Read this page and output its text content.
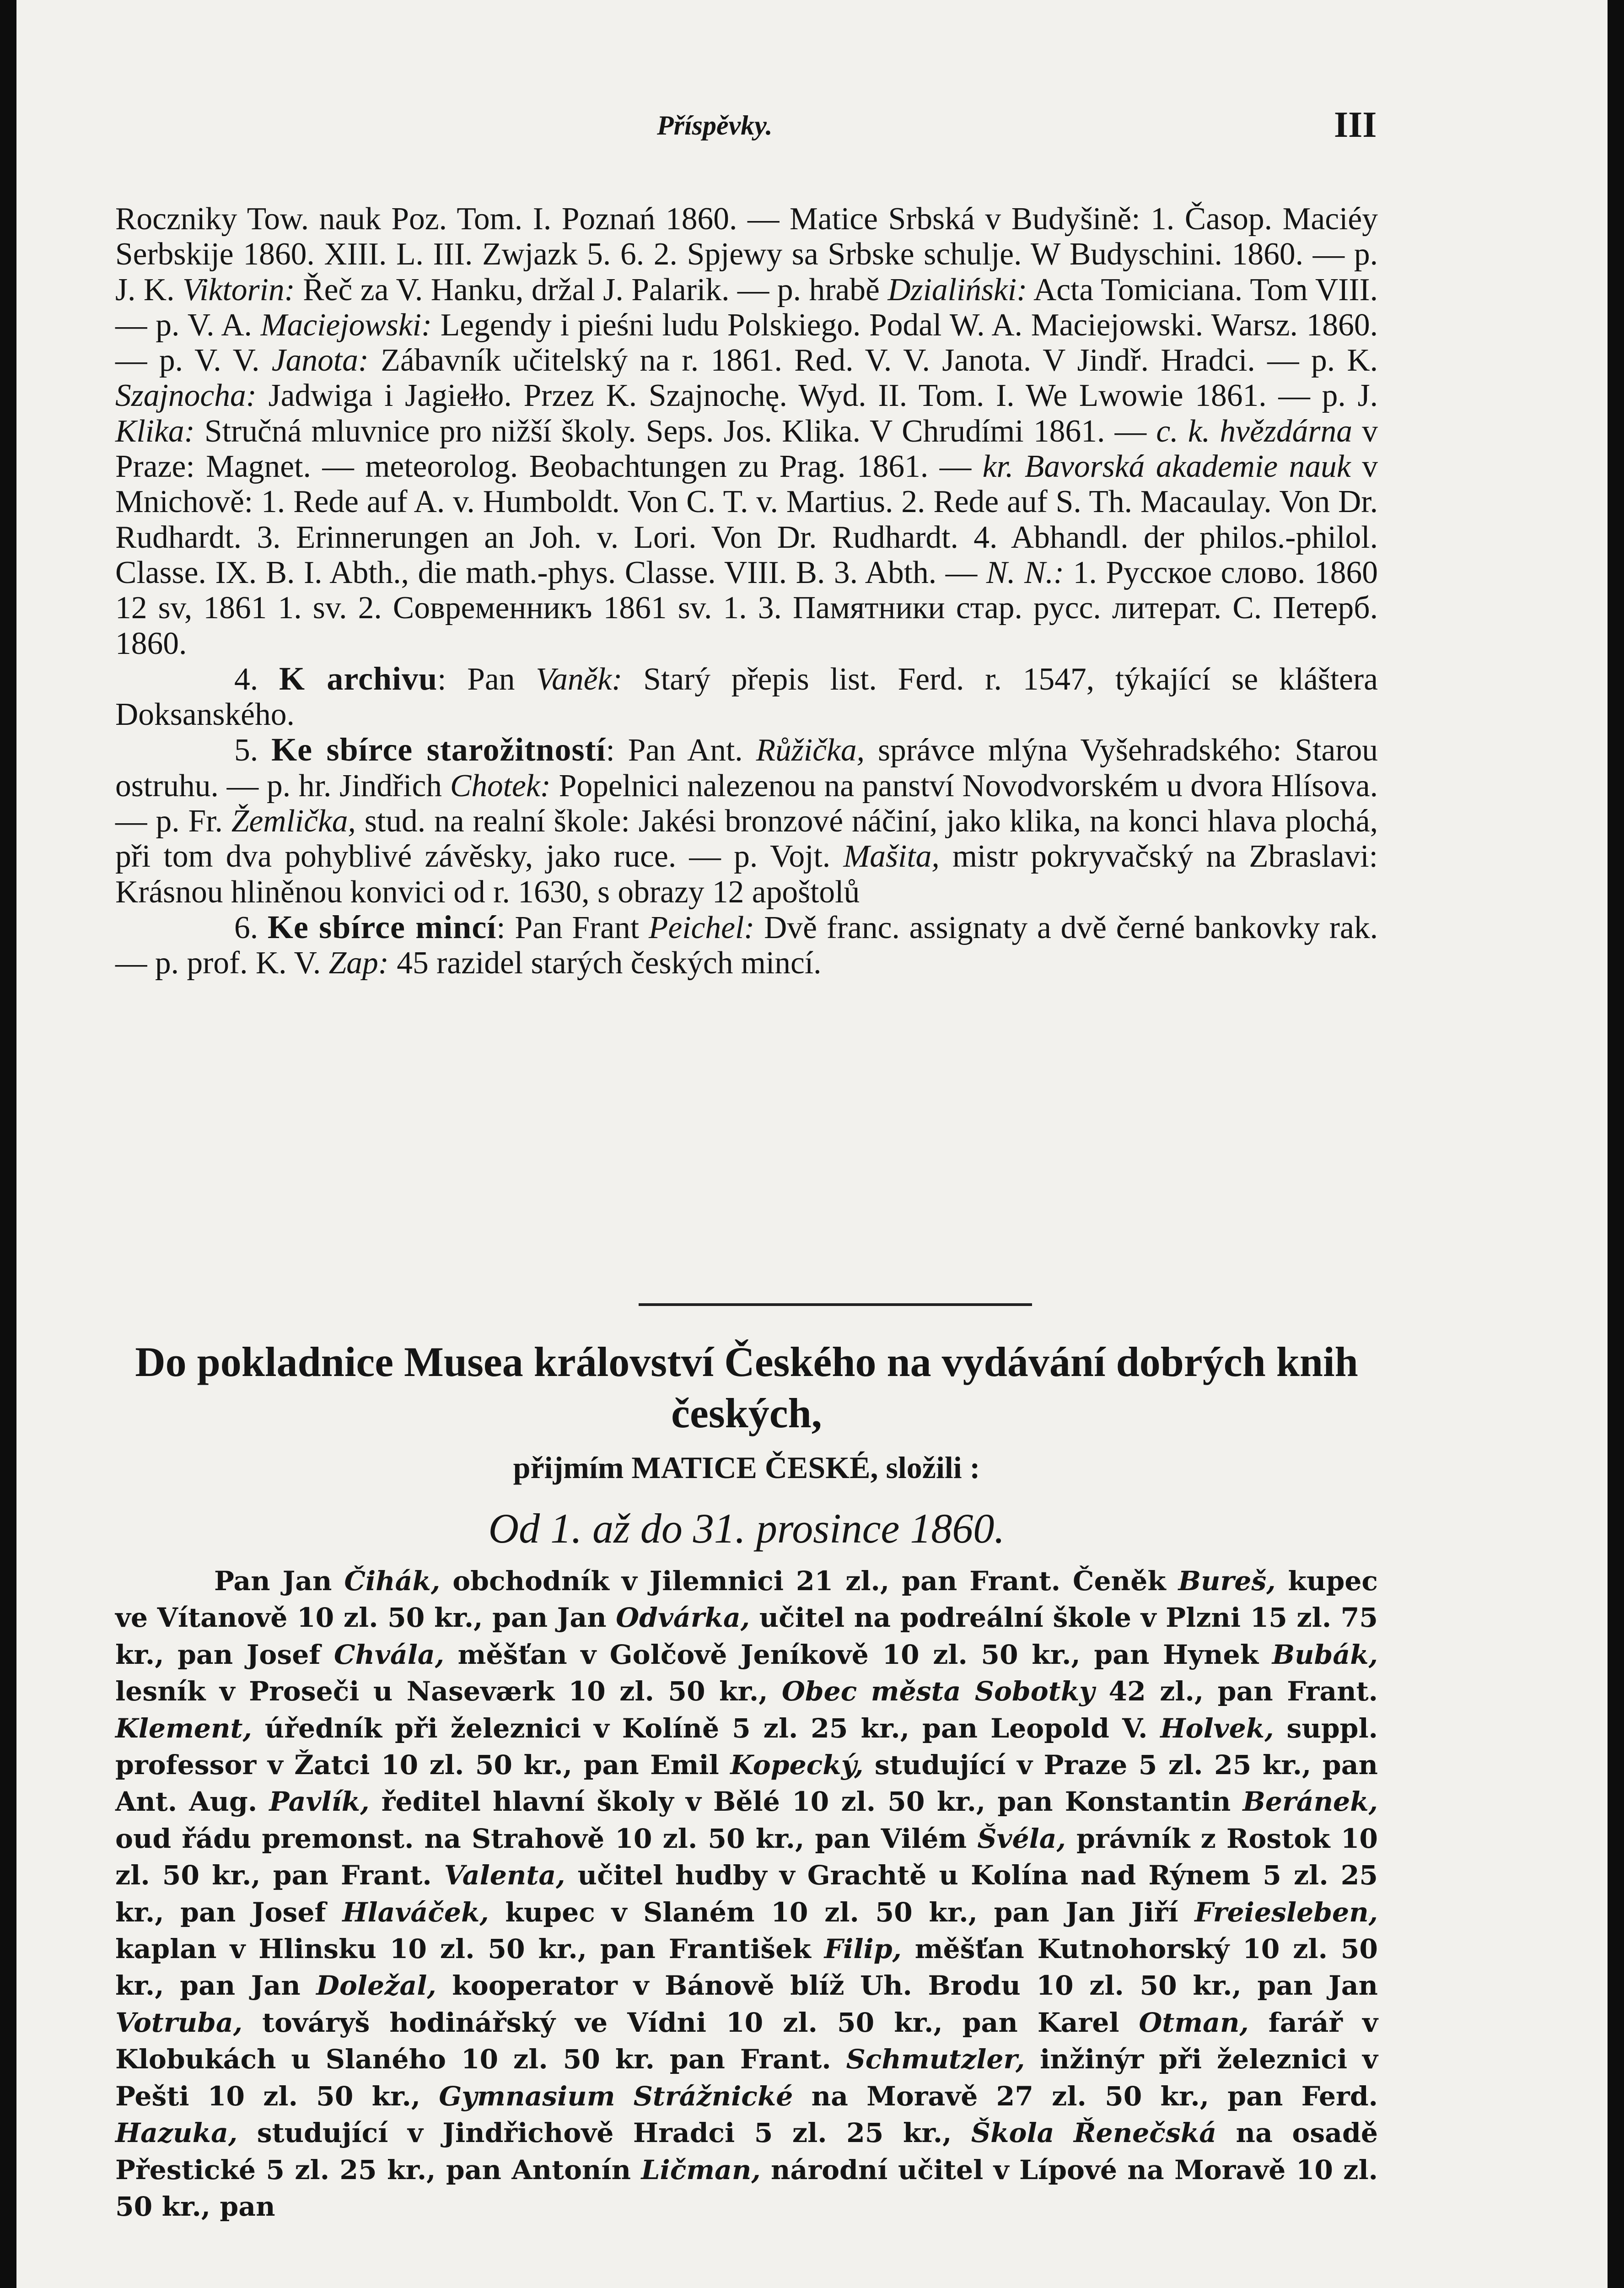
Příspěvky.	III

Roczniky Tow. nauk Poz. Tom. I. Poznań 1860. — Matice Srbská v Budyšině: 1. Časop. Maciéy Serbskije 1860. XIII. L. III. Zwjazk 5. 6. 2. Spjewy sa Srbske schulje. W Budyschini. 1860. — p. J. K. Viktorin: Řeč za V. Hanku, držal J. Palarik. — p. hrabě Dzialiński: Acta Tomiciana. Tom VIII. — p. V. A. Maciejowski: Legendy i pieśni ludu Polskiego. Podal W. A. Maciejowski. Warsz. 1860. — p. V. V. Janota: Zábavník učitelský na r. 1861. Red. V. V. Janota. V Jindř. Hradci. — p. K. Szajnocha: Jadwiga i Jagiełło. Przez K. Szajnochę. Wyd. II. Tom. I. We Lwowie 1861. — p. J. Klika: Stručná mluvnice pro nižší školy. Seps. Jos. Klika. V Chrudími 1861. — c. k. hvězdárna v Praze: Magnet. — meteorolog. Beobachtungen zu Prag. 1861. — kr. Bavorská akademie nauk v Mnichově: 1. Rede auf A. v. Humboldt. Von C. T. v. Martius. 2. Rede auf S. Th. Macaulay. Von Dr. Rudhardt. 3. Erinnerungen an Joh. v. Lori. Von Dr. Rudhardt. 4. Abhandl. der philos.-philol. Classe. IX. B. I. Abth., die math.-phys. Classe. VIII. B. 3. Abth. — N. N.: 1. Русское слово. 1860 12 sv, 1861 1. sv. 2. Современникъ 1861 sv. 1. 3. Памятники стар. русс. литерат. С. Петерб. 1860.

4. K archivu: Pan Vaněk: Starý přepis list. Ferd. r. 1547, týkající se kláštera Doksanského.

5. Ke sbírce starožitností: Pan Ant. Růžička, správce mlýna Vyšehradského: Starou ostruhu. — p. hr. Jindřich Chotek: Popelnici nalezenou na panství Novodvorském u dvora Hlísova. — p. Fr. Žemlička, stud. na realní škole: Jakési bronzové náčiní, jako klika, na konci hlava plochá, při tom dva pohyblivé závěsky, jako ruce. — p. Vojt. Mašita, mistr pokryvačský na Zbraslavi: Krásnou hliněnou konvici od r. 1630, s obrazy 12 apoštolů

6. Ke sbírce mincí: Pan Frant Peichel: Dvě franc. assignaty a dvě černé bankovky rak. — p. prof. K. V. Zap: 45 razidel starých českých mincí.

Do pokladnice Musea království Českého na vydávání dobrých knih českých,
přijmím MATICE ČESKÉ, složili :
Od 1. až do 31. prosince 1860.

Pan Jan Čihák, obchodník v Jilemnici 21 zl., pan Frant. Čeněk Bureš, kupec ve Vítanově 10 zl. 50 kr., pan Jan Odvárka, učitel na podreální škole v Plzni 15 zl. 75 kr., pan Josef Chvála, měšťan v Golčově Jeníkově 10 zl. 50 kr., pan Hynek Bubák, lesník v Proseči u Naseværk 10 zl. 50 kr., Obec města Sobotky 42 zl., pan Frant. Klement, úředník při železnici v Kolíně 5 zl. 25 kr., pan Leopold V. Holvek, suppl. professor v Žatci 10 zl. 50 kr., pan Emil Kopecký, studující v Praze 5 zl. 25 kr., pan Ant. Aug. Pavlík, ředitel hlavní školy v Bělé 10 zl. 50 kr., pan Konstantin Beránek, oud řádu premonst. na Strahově 10 zl. 50 kr., pan Vilém Švéla, právník z Rostok 10 zl. 50 kr., pan Frant. Valenta, učitel hudby v Grachtě u Kolína nad Rýnem 5 zl. 25 kr., pan Josef Hlaváček, kupec v Slaném 10 zl. 50 kr., pan Jan Jiří Freiesleben, kaplan v Hlinsku 10 zl. 50 kr., pan František Filip, měšťan Kutnohorský 10 zl. 50 kr., pan Jan Doležal, kooperator v Bánově blíž Uh. Brodu 10 zl. 50 kr., pan Jan Votruba, továryš hodinářský ve Vídni 10 zl. 50 kr., pan Karel Otman, farář v Klobukách u Slaného 10 zl. 50 kr. pan Frant. Schmutzler, inžinýr při železnici v Pešti 10 zl. 50 kr., Gymnasium Strážnické na Moravě 27 zl. 50 kr., pan Ferd. Hazuka, studující v Jindřichově Hradci 5 zl. 25 kr., Škola Řenečská na osadě Přestické 5 zl. 25 kr., pan Antonín Ličman, národní učitel v Lípové na Moravě 10 zl. 50 kr., pan
